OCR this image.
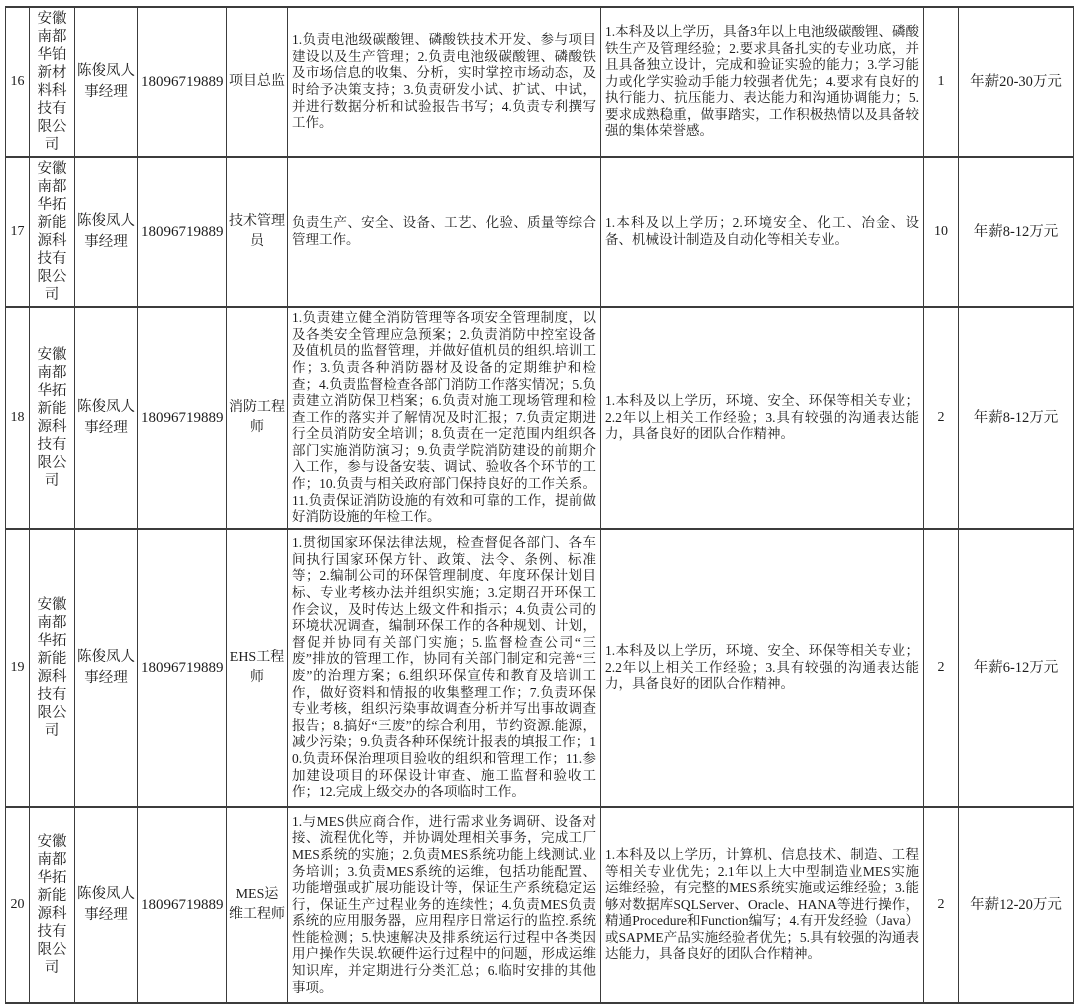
16	安徽南都华铂新材料科技有限公司	陈俊凤人事经理	18096719889	项目总监	1.负责电池级碳酸锂、磷酸铁技术开发、参与项目建设以及生产管理；2.负责电池级碳酸锂、磷酸铁及市场信息的收集、分析，实时掌控市场动态，及时给予决策支持；3.负责研发小试、扩试、中试，并进行数据分析和试验报告书写；4.负责专利撰写工作。	1.本科及以上学历，具备3年以上电池级碳酸锂、磷酸铁生产及管理经验；2.要求具备扎实的专业功底，并且具备独立设计，完成和验证实验的能力；3.学习能力或化学实验动手能力较强者优先；4.要求有良好的执行能力、抗压能力、表达能力和沟通协调能力；5.要求成熟稳重，做事踏实，工作积极热情以及具备较强的集体荣誉感。	1	年薪20-30万元
17	安徽南都华拓新能源科技有限公司	陈俊凤人事经理	18096719889	技术管理员	负责生产、安全、设备、工艺、化验、质量等综合管理工作。	1.本科及以上学历；2.环境安全、化工、冶金、设备、机械设计制造及自动化等相关专业。	10	年薪8-12万元
18	安徽南都华拓新能源科技有限公司	陈俊凤人事经理	18096719889	消防工程师	1.负责建立健全消防管理等各项安全管理制度，以及各类安全管理应急预案；2.负责消防中控室设备及值机员的监督管理，并做好值机员的组织.培训工作；3.负责各种消防器材及设备的定期维护和检查；4.负责监督检查各部门消防工作落实情况；5.负责建立消防保卫档案；6.负责对施工现场管理和检查工作的落实并了解情况及时汇报；7.负责定期进行全员消防安全培训；8.负责在一定范围内组织各部门实施消防演习；9.负责学院消防建设的前期介入工作，参与设备安装、调试、验收各个环节的工作；10.负责与相关政府部门保持良好的工作关系。11.负责保证消防设施的有效和可靠的工作，提前做好消防设施的年检工作。	1.本科及以上学历，环境、安全、环保等相关专业；2.2年以上相关工作经验；3.具有较强的沟通表达能力，具备良好的团队合作精神。	2	年薪8-12万元
19	安徽南都华拓新能源科技有限公司	陈俊凤人事经理	18096719889	EHS工程师	1.贯彻国家环保法律法规，检查督促各部门、各车间执行国家环保方针、政策、法令、条例、标准等；2.编制公司的环保管理制度、年度环保计划目标、专业考核办法并组织实施；3.定期召开环保工作会议，及时传达上级文件和指示；4.负责公司的环境状况调查，编制环保工作的各种规划、计划，督促并协同有关部门实施；5.监督检查公司“三废”排放的管理工作，协同有关部门制定和完善“三废”的治理方案；6.组织环保宣传和教育及培训工作，做好资料和情报的收集整理工作；7.负责环保专业考核，组织污染事故调查分析并写出事故调查报告；8.搞好“三废”的综合利用，节约资源.能源，减少污染；9.负责各种环保统计报表的填报工作；10.负责环保治理项目验收的组织和管理工作；11.参加建设项目的环保设计审查、施工监督和验收工作；12.完成上级交办的各项临时工作。	1.本科及以上学历，环境、安全、环保等相关专业；2.2年以上相关工作经验；3.具有较强的沟通表达能力，具备良好的团队合作精神。	2	年薪6-12万元
20	安徽南都华拓新能源科技有限公司	陈俊凤人事经理	18096719889	MES运维工程师	1.与MES供应商合作，进行需求业务调研、设备对接、流程优化等，并协调处理相关事务，完成工厂MES系统的实施；2.负责MES系统功能上线测试.业务培训；3.负责MES系统的运维，包括功能配置、功能增强或扩展功能设计等，保证生产系统稳定运行，保证生产过程业务的连续性；4.负责MES负责系统的应用服务器，应用程序日常运行的监控.系统性能检测；5.快速解决及排系统运行过程中各类因用户操作失误.软硬件运行过程中的问题，形成运维知识库，并定期进行分类汇总；6.临时安排的其他事项。	1.本科及以上学历，计算机、信息技术、制造、工程等相关专业优先；2.1年以上大中型制造业MES实施运维经验，有完整的MES系统实施或运维经验；3.能够对数据库SQLServer、Oracle、HANA等进行操作，精通Procedure和Function编写；4.有开发经验（Java）或SAPME产品实施经验者优先；5.具有较强的沟通表达能力，具备良好的团队合作精神。	2	年薪12-20万元
